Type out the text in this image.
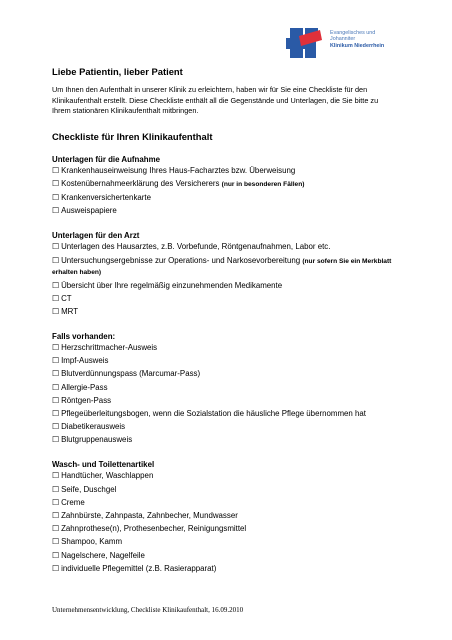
Evangelisches und
Johanniter
Klinikum Niederrhein
Liebe Patientin, lieber Patient

Um Ihnen den Aufenthalt in unserer Klinik zu erleichtern, haben wir für Sie eine Checkliste für den Klinikaufenthalt erstellt. Diese Checkliste enthält all die Gegenstände und Unterlagen, die Sie bitte zu Ihrem stationären Klinikaufenthalt mitbringen.

Checkliste für Ihren Klinikaufenthalt
Unterlagen für die Aufnahme
☐ Krankenhauseinweisung Ihres Haus-Facharztes bzw. Überweisung
☐ Kostenübernahmeerklärung des Versicherers (nur in besonderen Fällen)
☐ Krankenversichertenkarte
☐ Ausweispapiere
Unterlagen für den Arzt
☐ Unterlagen des Hausarztes, z.B. Vorbefunde, Röntgenaufnahmen, Labor etc.
☐ Untersuchungsergebnisse zur Operations- und Narkosevorbereitung (nur sofern Sie ein Merkblatt erhalten haben)
☐ Übersicht über Ihre regelmäßig einzunehmenden Medikamente
☐ CT
☐ MRT
Falls vorhanden:
☐ Herzschrittmacher-Ausweis
☐ Impf-Ausweis
☐ Blutverdünnungspass (Marcumar-Pass)
☐ Allergie-Pass
☐ Röntgen-Pass
☐ Pflegeüberleitungsbogen, wenn die Sozialstation die häusliche Pflege übernommen hat
☐ Diabetikerausweis
☐ Blutgruppenausweis
Wasch- und Toilettenartikel
☐ Handtücher, Waschlappen
☐ Seife, Duschgel
☐ Creme
☐ Zahnbürste, Zahnpasta, Zahnbecher, Mundwasser
☐ Zahnprothese(n), Prothesenbecher, Reinigungsmittel
☐ Shampoo, Kamm
☐ Nagelschere, Nagelfeile
☐ individuelle Pflegemittel (z.B. Rasierapparat)
Unternehmensentwicklung, Checkliste Klinikaufenthalt, 16.09.2010
